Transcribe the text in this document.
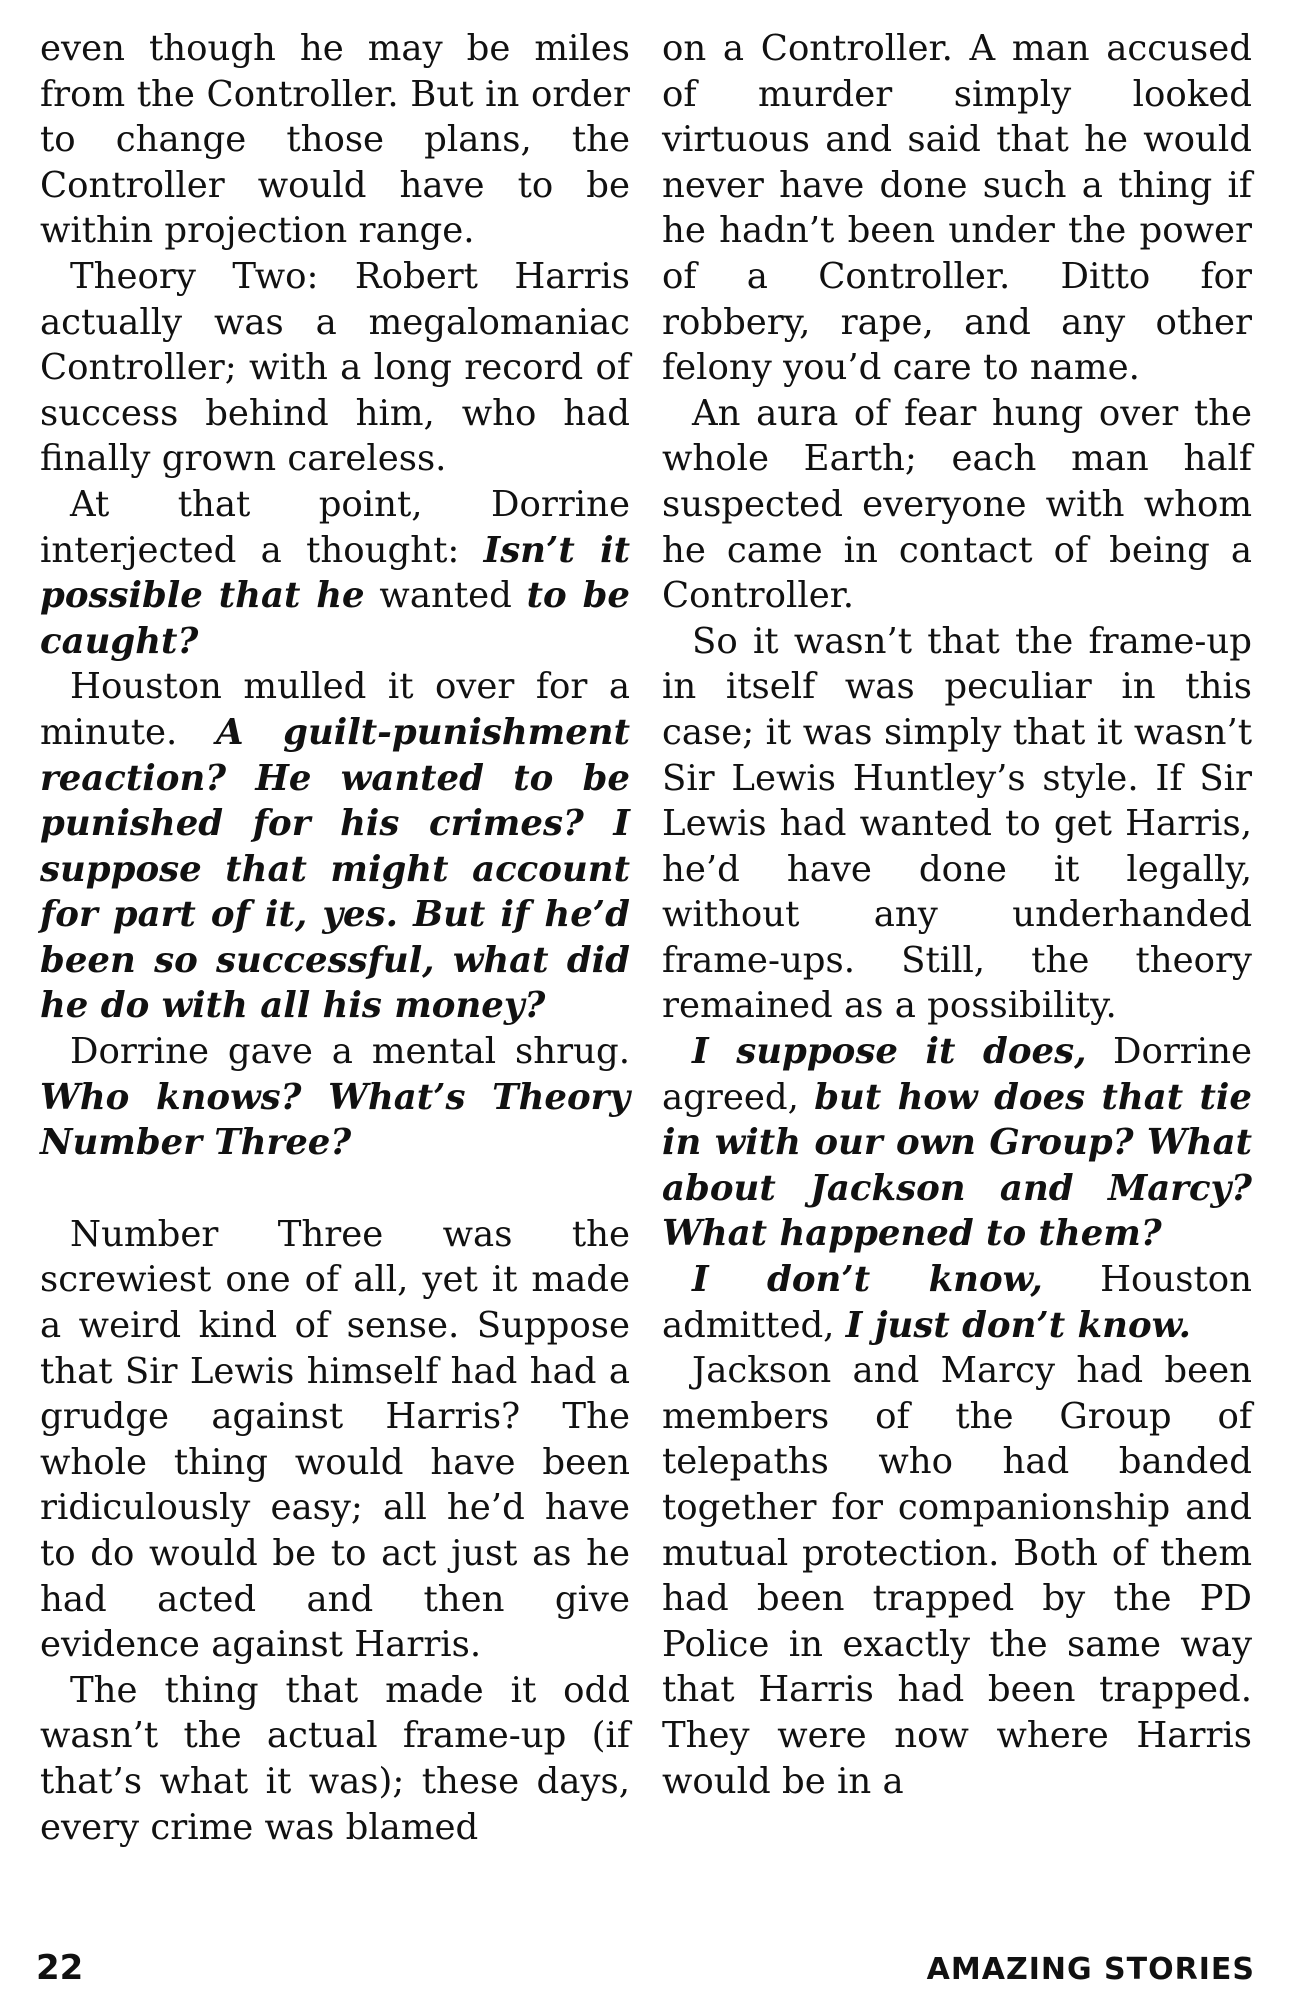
even though he may be miles from the Controller. But in order to change those plans, the Controller would have to be within projection range.

Theory Two: Robert Harris actually was a megalomaniac Controller; with a long record of success behind him, who had finally grown careless.

At that point, Dorrine interjected a thought: Isn’t it possible that he wanted to be caught?

Houston mulled it over for a minute. A guilt-punishment reaction? He wanted to be punished for his crimes? I suppose that might account for part of it, yes. But if he’d been so successful, what did he do with all his money?

Dorrine gave a mental shrug. Who knows? What’s Theory Number Three?

Number Three was the screwiest one of all, yet it made a weird kind of sense. Suppose that Sir Lewis himself had had a grudge against Harris? The whole thing would have been ridiculously easy; all he’d have to do would be to act just as he had acted and then give evidence against Harris.

The thing that made it odd wasn’t the actual frame-up (if that’s what it was); these days, every crime was blamed

on a Controller. A man accused of murder simply looked virtuous and said that he would never have done such a thing if he hadn’t been under the power of a Controller. Ditto for robbery, rape, and any other felony you’d care to name.

An aura of fear hung over the whole Earth; each man half suspected everyone with whom he came in contact of being a Controller.

So it wasn’t that the frame-up in itself was peculiar in this case; it was simply that it wasn’t Sir Lewis Huntley’s style. If Sir Lewis had wanted to get Harris, he’d have done it legally, without any underhanded frame-ups. Still, the theory remained as a possibility.

I suppose it does, Dorrine agreed, but how does that tie in with our own Group? What about Jackson and Marcy? What happened to them?

I don’t know, Houston admitted, I just don’t know.

Jackson and Marcy had been members of the Group of telepaths who had banded together for companionship and mutual protection. Both of them had been trapped by the PD Police in exactly the same way that Harris had been trapped. They were now where Harris would be in a

22	AMAZING STORIES
